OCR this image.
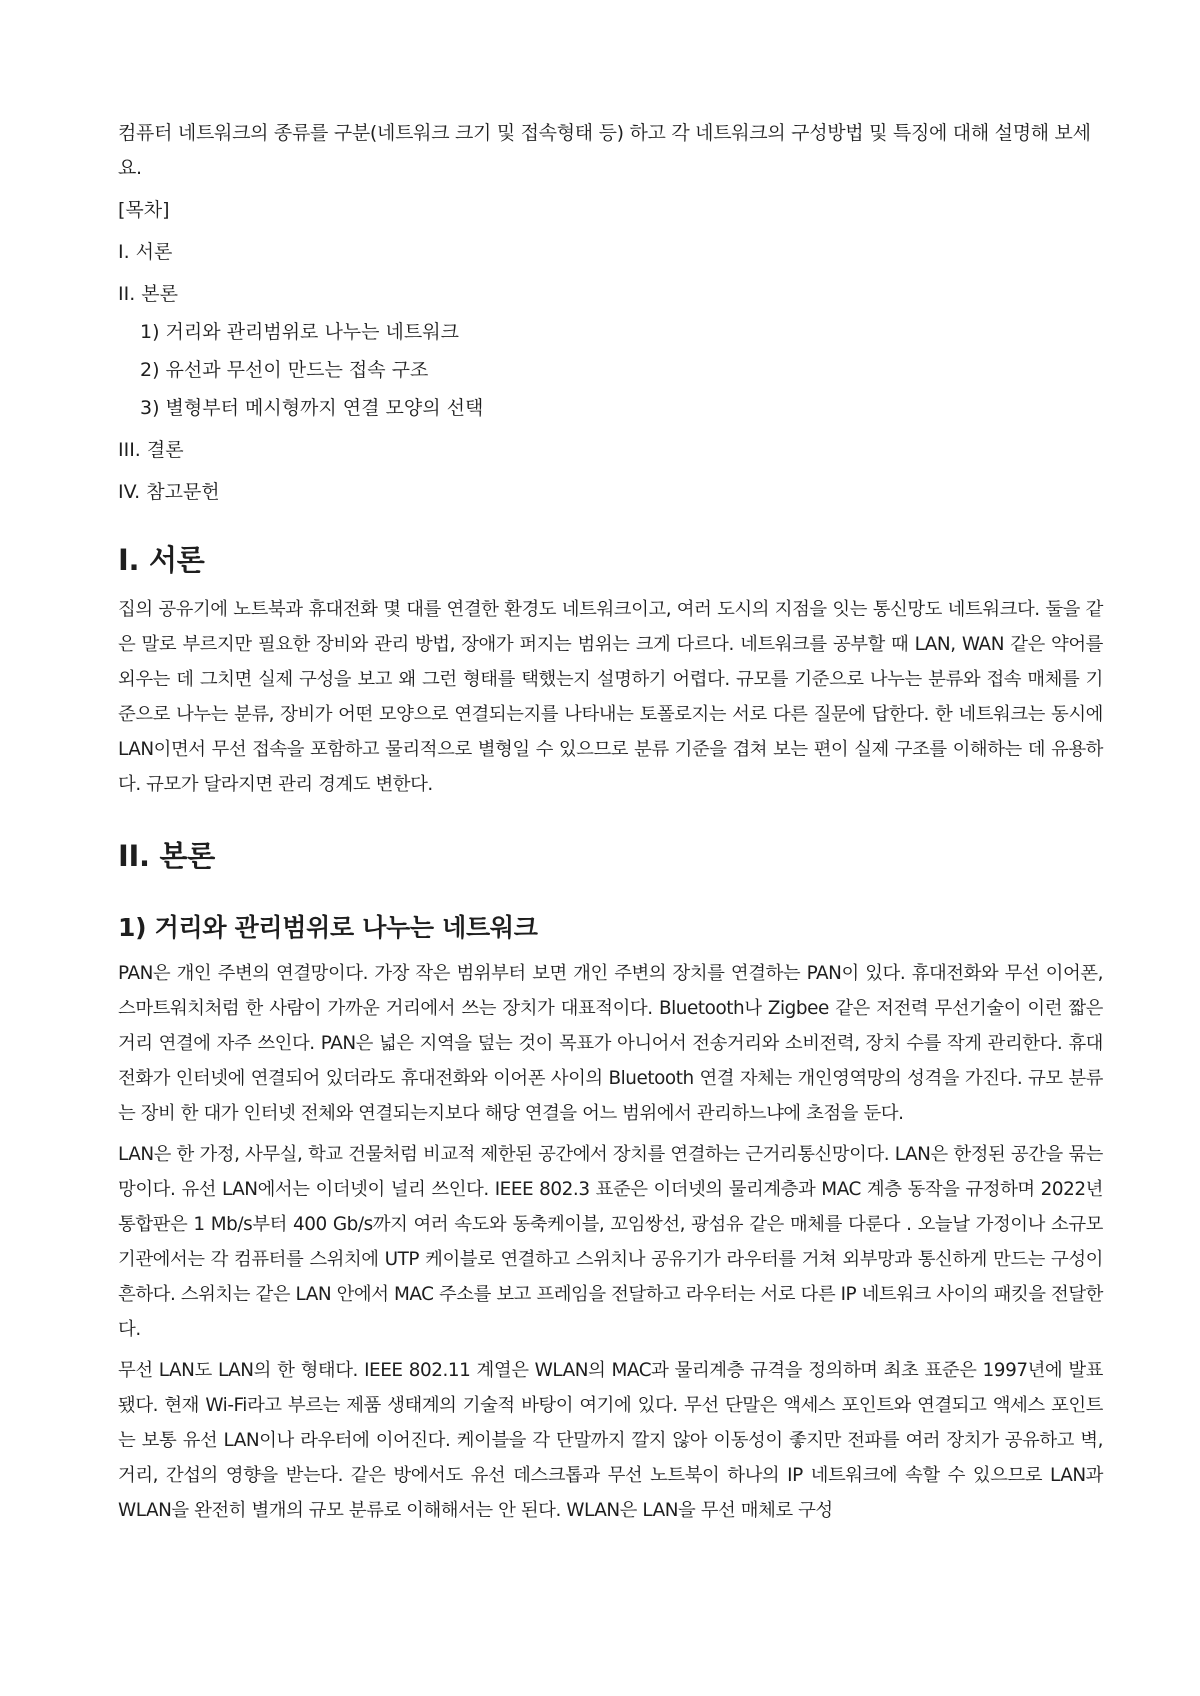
컴퓨터 네트워크의 종류를 구분(네트워크 크기 및 접속형태 등) 하고 각 네트워크의 구성방법 및 특징에 대해 설명해 보세요.

[목차]
I. 서론
II. 본론
1) 거리와 관리범위로 나누는 네트워크
2) 유선과 무선이 만드는 접속 구조
3) 별형부터 메시형까지 연결 모양의 선택
III. 결론
IV. 참고문헌
I. 서론

집의 공유기에 노트북과 휴대전화 몇 대를 연결한 환경도 네트워크이고, 여러 도시의 지점을 잇는 통신망도 네트워크다. 둘을 같은 말로 부르지만 필요한 장비와 관리 방법, 장애가 퍼지는 범위는 크게 다르다. 네트워크를 공부할 때 LAN, WAN 같은 약어를 외우는 데 그치면 실제 구성을 보고 왜 그런 형태를 택했는지 설명하기 어렵다. 규모를 기준으로 나누는 분류와 접속 매체를 기준으로 나누는 분류, 장비가 어떤 모양으로 연결되는지를 나타내는 토폴로지는 서로 다른 질문에 답한다. 한 네트워크는 동시에 LAN이면서 무선 접속을 포함하고 물리적으로 별형일 수 있으므로 분류 기준을 겹쳐 보는 편이 실제 구조를 이해하는 데 유용하다. 규모가 달라지면 관리 경계도 변한다.

II. 본론
1) 거리와 관리범위로 나누는 네트워크

PAN은 개인 주변의 연결망이다. 가장 작은 범위부터 보면 개인 주변의 장치를 연결하는 PAN이 있다. 휴대전화와 무선 이어폰, 스마트워치처럼 한 사람이 가까운 거리에서 쓰는 장치가 대표적이다. Bluetooth나 Zigbee 같은 저전력 무선기술이 이런 짧은 거리 연결에 자주 쓰인다. PAN은 넓은 지역을 덮는 것이 목표가 아니어서 전송거리와 소비전력, 장치 수를 작게 관리한다. 휴대전화가 인터넷에 연결되어 있더라도 휴대전화와 이어폰 사이의 Bluetooth 연결 자체는 개인영역망의 성격을 가진다. 규모 분류는 장비 한 대가 인터넷 전체와 연결되는지보다 해당 연결을 어느 범위에서 관리하느냐에 초점을 둔다.

LAN은 한 가정, 사무실, 학교 건물처럼 비교적 제한된 공간에서 장치를 연결하는 근거리통신망이다. LAN은 한정된 공간을 묶는 망이다. 유선 LAN에서는 이더넷이 널리 쓰인다. IEEE 802.3 표준은 이더넷의 물리계층과 MAC 계층 동작을 규정하며 2022년 통합판은 1 Mb/s부터 400 Gb/s까지 여러 속도와 동축케이블, 꼬임쌍선, 광섬유 같은 매체를 다룬다 . 오늘날 가정이나 소규모 기관에서는 각 컴퓨터를 스위치에 UTP 케이블로 연결하고 스위치나 공유기가 라우터를 거쳐 외부망과 통신하게 만드는 구성이 흔하다. 스위치는 같은 LAN 안에서 MAC 주소를 보고 프레임을 전달하고 라우터는 서로 다른 IP 네트워크 사이의 패킷을 전달한다.

무선 LAN도 LAN의 한 형태다. IEEE 802.11 계열은 WLAN의 MAC과 물리계층 규격을 정의하며 최초 표준은 1997년에 발표됐다. 현재 Wi-Fi라고 부르는 제품 생태계의 기술적 바탕이 여기에 있다. 무선 단말은 액세스 포인트와 연결되고 액세스 포인트는 보통 유선 LAN이나 라우터에 이어진다. 케이블을 각 단말까지 깔지 않아 이동성이 좋지만 전파를 여러 장치가 공유하고 벽, 거리, 간섭의 영향을 받는다. 같은 방에서도 유선 데스크톱과 무선 노트북이 하나의 IP 네트워크에 속할 수 있으므로 LAN과 WLAN을 완전히 별개의 규모 분류로 이해해서는 안 된다. WLAN은 LAN을 무선 매체로 구성
